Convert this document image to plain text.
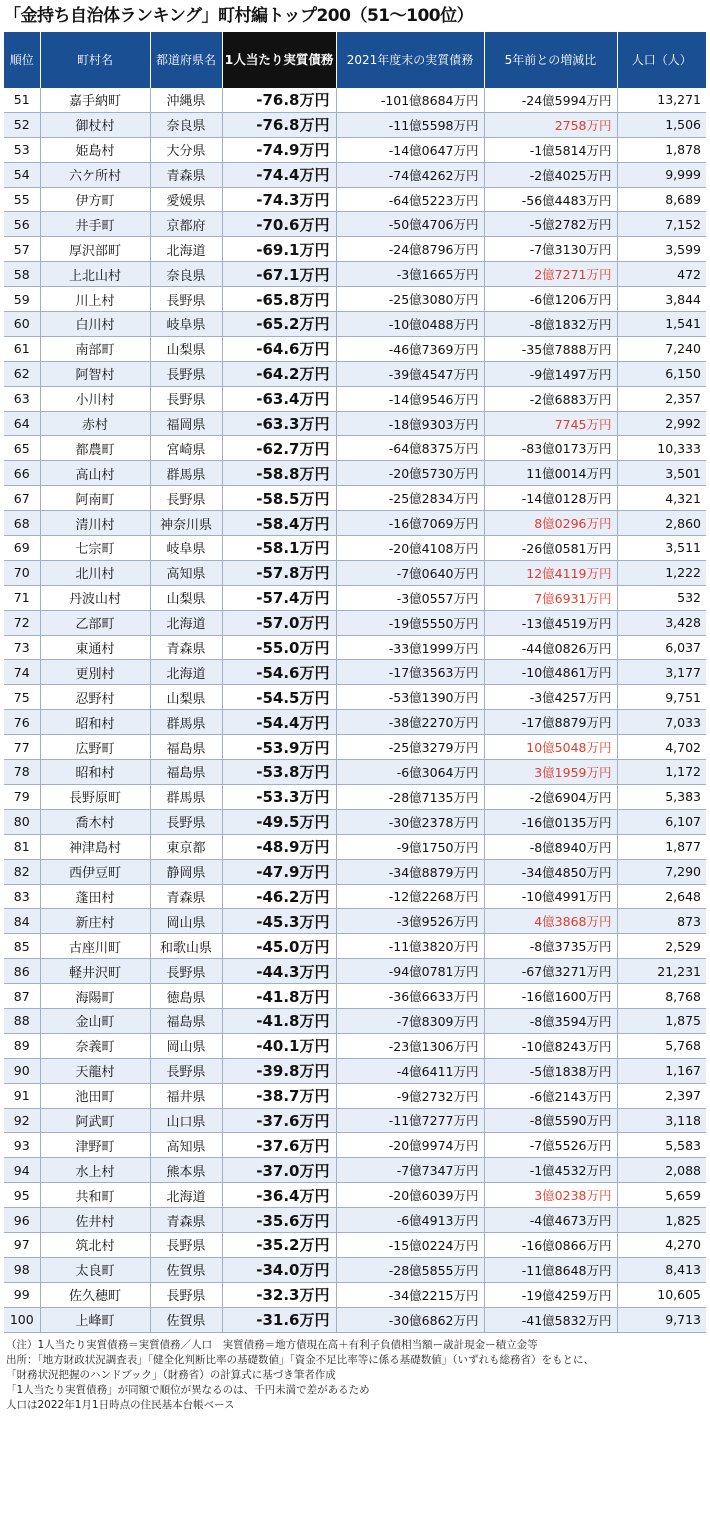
「金持ち自治体ランキング」町村編トップ200（51〜100位）
順位	町村名	都道府県名	1人当たり実質債務	2021年度末の実質債務	5年前との増減比	人口（人）
51	嘉手納町	沖縄県	-76.8万円	-101億8684万円	-24億5994万円	13,271
52	御杖村	奈良県	-76.8万円	-11億5598万円	2758万円	1,506
53	姫島村	大分県	-74.9万円	-14億0647万円	-1億5814万円	1,878
54	六ケ所村	青森県	-74.4万円	-74億4262万円	-2億4025万円	9,999
55	伊方町	愛媛県	-74.3万円	-64億5223万円	-56億4483万円	8,689
56	井手町	京都府	-70.6万円	-50億4706万円	-5億2782万円	7,152
57	厚沢部町	北海道	-69.1万円	-24億8796万円	-7億3130万円	3,599
58	上北山村	奈良県	-67.1万円	-3億1665万円	2億7271万円	472
59	川上村	長野県	-65.8万円	-25億3080万円	-6億1206万円	3,844
60	白川村	岐阜県	-65.2万円	-10億0488万円	-8億1832万円	1,541
61	南部町	山梨県	-64.6万円	-46億7369万円	-35億7888万円	7,240
62	阿智村	長野県	-64.2万円	-39億4547万円	-9億1497万円	6,150
63	小川村	長野県	-63.4万円	-14億9546万円	-2億6883万円	2,357
64	赤村	福岡県	-63.3万円	-18億9303万円	7745万円	2,992
65	都農町	宮崎県	-62.7万円	-64億8375万円	-83億0173万円	10,333
66	高山村	群馬県	-58.8万円	-20億5730万円	11億0014万円	3,501
67	阿南町	長野県	-58.5万円	-25億2834万円	-14億0128万円	4,321
68	清川村	神奈川県	-58.4万円	-16億7069万円	8億0296万円	2,860
69	七宗町	岐阜県	-58.1万円	-20億4108万円	-26億0581万円	3,511
70	北川村	高知県	-57.8万円	-7億0640万円	12億4119万円	1,222
71	丹波山村	山梨県	-57.4万円	-3億0557万円	7億6931万円	532
72	乙部町	北海道	-57.0万円	-19億5550万円	-13億4519万円	3,428
73	東通村	青森県	-55.0万円	-33億1999万円	-44億0826万円	6,037
74	更別村	北海道	-54.6万円	-17億3563万円	-10億4861万円	3,177
75	忍野村	山梨県	-54.5万円	-53億1390万円	-3億4257万円	9,751
76	昭和村	群馬県	-54.4万円	-38億2270万円	-17億8879万円	7,033
77	広野町	福島県	-53.9万円	-25億3279万円	10億5048万円	4,702
78	昭和村	福島県	-53.8万円	-6億3064万円	3億1959万円	1,172
79	長野原町	群馬県	-53.3万円	-28億7135万円	-2億6904万円	5,383
80	喬木村	長野県	-49.5万円	-30億2378万円	-16億0135万円	6,107
81	神津島村	東京都	-48.9万円	-9億1750万円	-8億8940万円	1,877
82	西伊豆町	静岡県	-47.9万円	-34億8879万円	-34億4850万円	7,290
83	蓬田村	青森県	-46.2万円	-12億2268万円	-10億4991万円	2,648
84	新庄村	岡山県	-45.3万円	-3億9526万円	4億3868万円	873
85	古座川町	和歌山県	-45.0万円	-11億3820万円	-8億3735万円	2,529
86	軽井沢町	長野県	-44.3万円	-94億0781万円	-67億3271万円	21,231
87	海陽町	徳島県	-41.8万円	-36億6633万円	-16億1600万円	8,768
88	金山町	福島県	-41.8万円	-7億8309万円	-8億3594万円	1,875
89	奈義町	岡山県	-40.1万円	-23億1306万円	-10億8243万円	5,768
90	天龍村	長野県	-39.8万円	-4億6411万円	-5億1838万円	1,167
91	池田町	福井県	-38.7万円	-9億2732万円	-6億2143万円	2,397
92	阿武町	山口県	-37.6万円	-11億7277万円	-8億5590万円	3,118
93	津野町	高知県	-37.6万円	-20億9974万円	-7億5526万円	5,583
94	水上村	熊本県	-37.0万円	-7億7347万円	-1億4532万円	2,088
95	共和町	北海道	-36.4万円	-20億6039万円	3億0238万円	5,659
96	佐井村	青森県	-35.6万円	-6億4913万円	-4億4673万円	1,825
97	筑北村	長野県	-35.2万円	-15億0224万円	-16億0866万円	4,270
98	太良町	佐賀県	-34.0万円	-28億5855万円	-11億8648万円	8,413
99	佐久穂町	長野県	-32.3万円	-34億2215万円	-19億4259万円	10,605
100	上峰町	佐賀県	-31.6万円	-30億6862万円	-41億5832万円	9,713
（注）1人当たり実質債務＝実質債務／人口　実質債務＝地方債現在高＋有利子負債相当額ー歳計現金ー積立金等
出所：「地方財政状況調査表」「健全化判断比率の基礎数値」「資金不足比率等に係る基礎数値」（いずれも総務省）をもとに、
「財務状況把握のハンドブック」（財務省）の計算式に基づき筆者作成
「1人当たり実質債務」が同額で順位が異なるのは、千円未満で差があるため
人口は2022年1月1日時点の住民基本台帳ベース
